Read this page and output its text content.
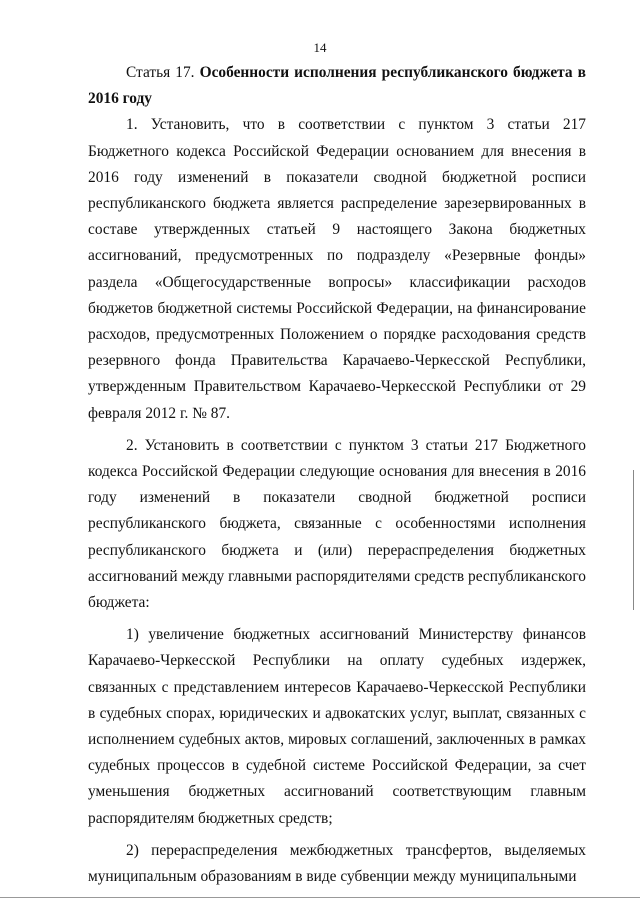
14

Статья 17. Особенности исполнения республиканского бюджета в 2016 году

1. Установить, что в соответствии с пунктом 3 статьи 217 Бюджетного кодекса Российской Федерации основанием для внесения в 2016 году изменений в показатели сводной бюджетной росписи республиканского бюджета является распределение зарезервированных в составе утвержденных статьей 9 настоящего Закона бюджетных ассигнований, предусмотренных по подразделу «Резервные фонды» раздела «Общегосударственные вопросы» классификации расходов бюджетов бюджетной системы Российской Федерации, на финансирование расходов, предусмотренных Положением о порядке расходования средств резервного фонда Правительства Карачаево-Черкесской Республики, утвержденным Правительством Карачаево-Черкесской Республики от 29 февраля 2012 г. № 87.

2. Установить в соответствии с пунктом 3 статьи 217 Бюджетного кодекса Российской Федерации следующие основания для внесения в 2016 году изменений в показатели сводной бюджетной росписи республиканского бюджета, связанные с особенностями исполнения республиканского бюджета и (или) перераспределения бюджетных ассигнований между главными распорядителями средств республиканского бюджета:

1) увеличение бюджетных ассигнований Министерству финансов Карачаево-Черкесской Республики на оплату судебных издержек, связанных с представлением интересов Карачаево-Черкесской Республики в судебных спорах, юридических и адвокатских услуг, выплат, связанных с исполнением судебных актов, мировых соглашений, заключенных в рамках судебных процессов в судебной системе Российской Федерации, за счет уменьшения бюджетных ассигнований соответствующим главным распорядителям бюджетных средств;

2) перераспределения межбюджетных трансфертов, выделяемых муниципальным образованиям в виде субвенции между муниципальными
